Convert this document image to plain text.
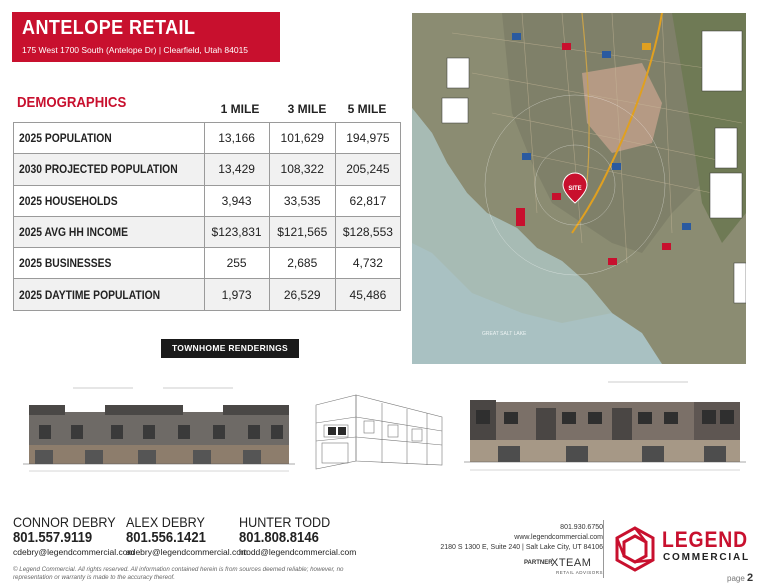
ANTELOPE RETAIL
175 West 1700 South (Antelope Dr) | Clearfield, Utah 84015
DEMOGRAPHICS	1 MILE	3 MILE	5 MILE
2025 POPULATION	13,166	101,629	194,975
2030 PROJECTED POPULATION	13,429	108,322	205,245
2025 HOUSEHOLDS	3,943	33,535	62,817
2025 AVG HH INCOME	$123,831	$121,565	$128,553
2025 BUSINESSES	255	2,685	4,732
2025 DAYTIME POPULATION	1,973	26,529	45,486
SITE
GREAT SALT LAKE
TOWNHOME RENDERINGS
CONNOR DEBRY
801.557.9119
cdebry@legendcommercial.com
ALEX DEBRY
801.556.1421
adebry@legendcommercial.com
HUNTER TODD
801.808.8146
htodd@legendcommercial.com
801.930.6750
www.legendcommercial.com
2180 S 1300 E, Suite 240 | Salt Lake City, UT 84106
PARTNER
XTEAM
RETAIL ADVISORS
LEGEND
COMMERCIAL
© Legend Commercial. All rights reserved. All information contained herein is from sources deemed reliable; however, no representation or warranty is made to the accuracy thereof.	page 2
